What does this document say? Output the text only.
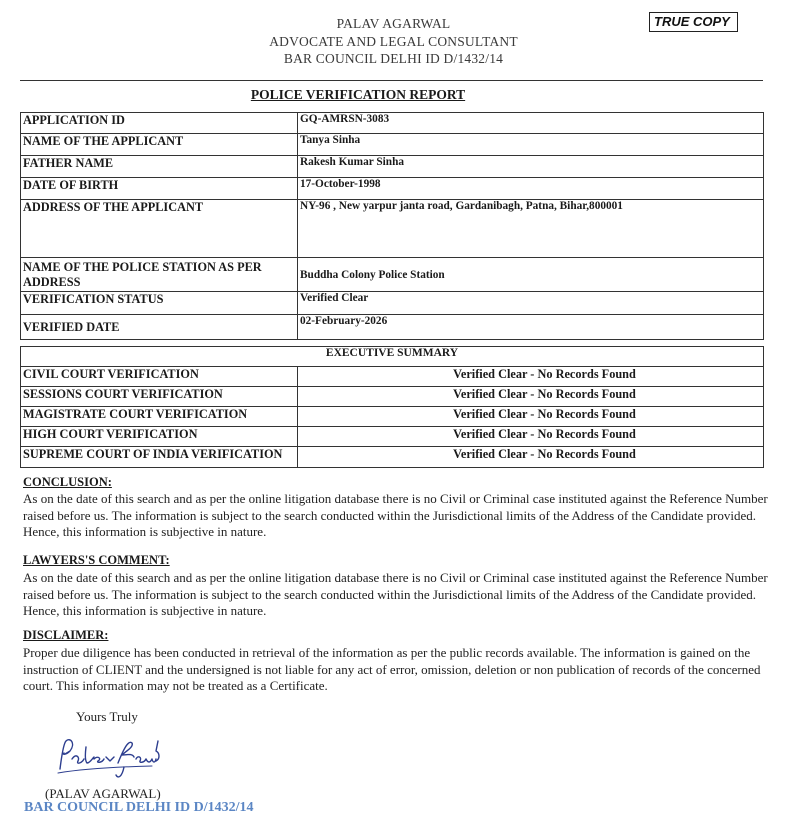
PALAV AGARWAL
ADVOCATE AND LEGAL CONSULTANT
BAR COUNCIL DELHI ID D/1432/14
TRUE COPY
POLICE VERIFICATION REPORT
APPLICATION ID	GQ-AMRSN-3083
NAME OF THE APPLICANT	Tanya Sinha
FATHER NAME	Rakesh Kumar Sinha
DATE OF BIRTH	17-October-1998
ADDRESS OF THE APPLICANT	NY-96 , New yarpur janta road, Gardanibagh, Patna, Bihar,800001
NAME OF THE POLICE STATION AS PER ADDRESS	Buddha Colony Police Station
VERIFICATION STATUS	Verified Clear
VERIFIED DATE	02-February-2026
EXECUTIVE SUMMARY	
CIVIL COURT VERIFICATION	Verified Clear - No Records Found
SESSIONS COURT VERIFICATION	Verified Clear - No Records Found
MAGISTRATE COURT VERIFICATION	Verified Clear - No Records Found
HIGH COURT VERIFICATION	Verified Clear - No Records Found
SUPREME COURT OF INDIA VERIFICATION	Verified Clear - No Records Found
CONCLUSION:
As on the date of this search and as per the online litigation database there is no Civil or Criminal case instituted against the Reference Number raised before us. The information is subject to the search conducted within the Jurisdictional limits of the Address of the Candidate provided. Hence, this information is subjective in nature.
LAWYERS'S COMMENT:
As on the date of this search and as per the online litigation database there is no Civil or Criminal case instituted against the Reference Number raised before us. The information is subject to the search conducted within the Jurisdictional limits of the Address of the Candidate provided. Hence, this information is subjective in nature.
DISCLAIMER:
Proper due diligence has been conducted in retrieval of the information as per the public records available. The information is gained on the instruction of CLIENT and the undersigned is not liable for any act of error, omission, deletion or non publication of records of the concerned court. This information may not be treated as a Certificate.
Yours Truly
(PALAV AGARWAL)
BAR COUNCIL DELHI ID D/1432/14
